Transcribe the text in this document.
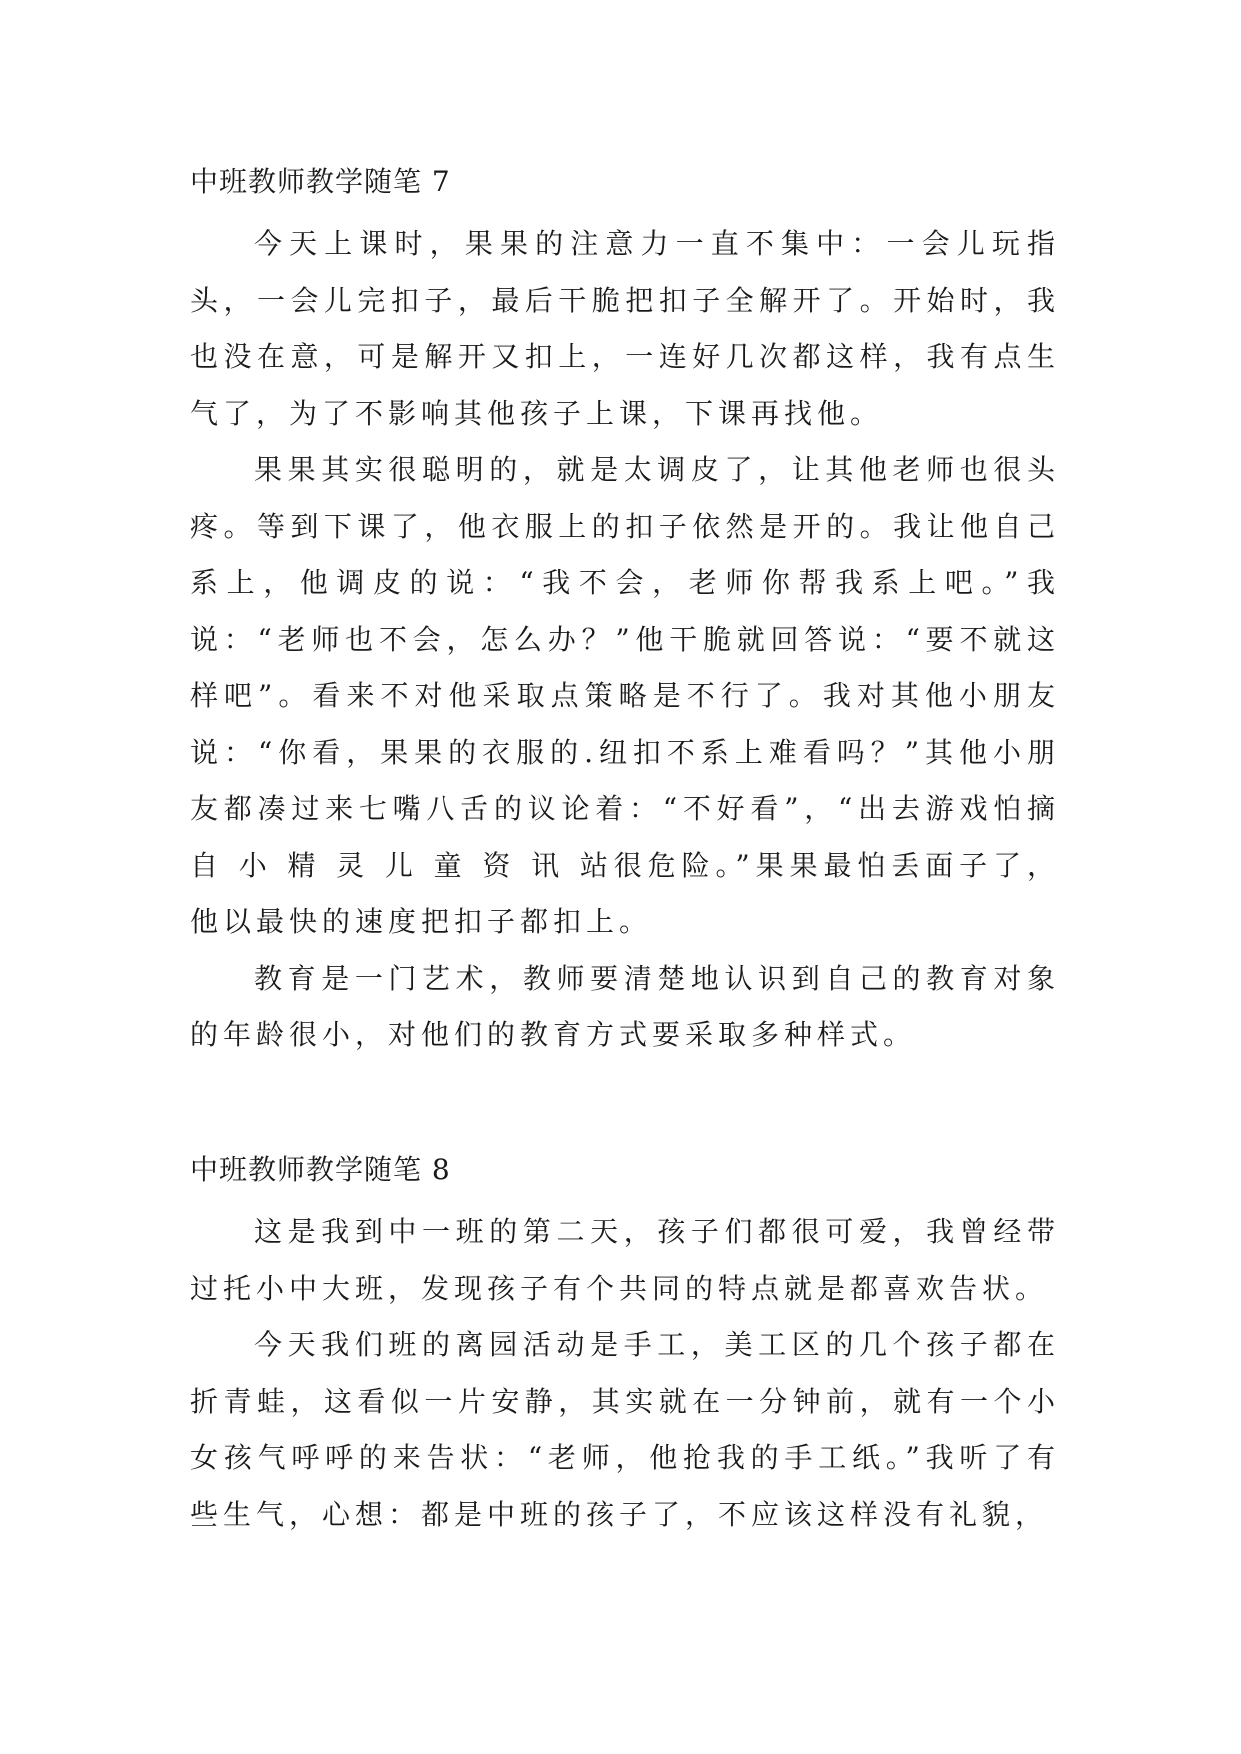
中班教师教学随笔 7

今天上课时，果果的注意力一直不集中：一会儿玩指头，一会儿完扣子，最后干脆把扣子全解开了。开始时，我也没在意，可是解开又扣上，一连好几次都这样，我有点生气了，为了不影响其他孩子上课，下课再找他。

果果其实很聪明的，就是太调皮了，让其他老师也很头疼。等到下课了，他衣服上的扣子依然是开的。我让他自己系上，他调皮的说：“我不会，老师你帮我系上吧。”我说：“老师也不会，怎么办？”他干脆就回答说：“要不就这样吧”。看来不对他采取点策略是不行了。我对其他小朋友说：“你看，果果的衣服的.纽扣不系上难看吗？”其他小朋友都凑过来七嘴八舌的议论着：“不好看”，“出去游戏怕摘 自 小 精 灵 儿 童 资 讯 站很危险。”果果最怕丢面子了，他以最快的速度把扣子都扣上。

教育是一门艺术，教师要清楚地认识到自己的教育对象的年龄很小，对他们的教育方式要采取多种样式。

中班教师教学随笔 8

这是我到中一班的第二天，孩子们都很可爱，我曾经带过托小中大班，发现孩子有个共同的特点就是都喜欢告状。

今天我们班的离园活动是手工，美工区的几个孩子都在折青蛙，这看似一片安静，其实就在一分钟前，就有一个小女孩气呼呼的来告状：“老师，他抢我的手工纸。”我听了有些生气，心想：都是中班的孩子了，不应该这样没有礼貌，
